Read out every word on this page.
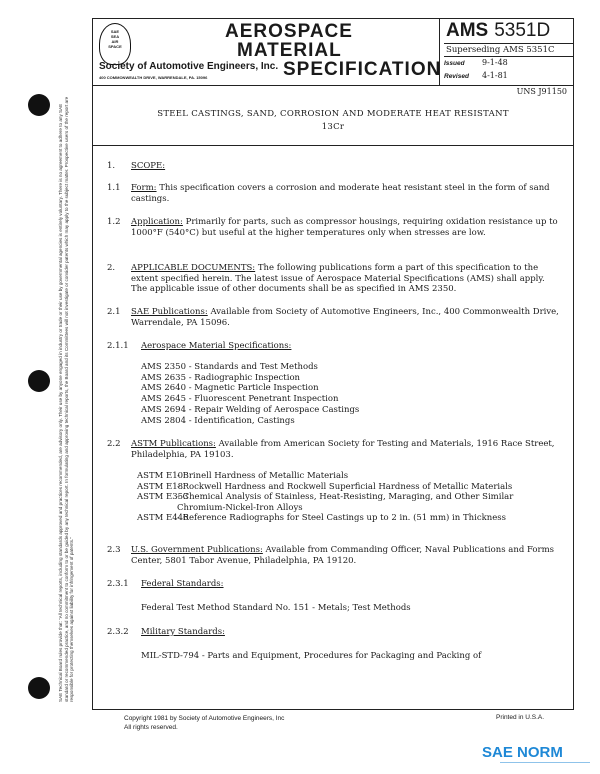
SAE Technical Board rules provide that: "All technical reports, including standards approved and practices recommended, are advisory only. Their use by anyone engaged in industry or trade or their use by governmental agencies is entirely voluntary. There is no agreement to adhere to any SAE standard or recommended practice, and no commitment to conform to or be guided by any technical report. In formulating and approving technical reports, the Board and its Committees will not investigate or consider patents which may apply to the subject matter. Prospective users of the report are responsible for protecting themselves against liability for infringement of patents."
SAE
SEA
AIR
SPACE
AEROSPACE
MATERIAL
SPECIFICATION
Society of Automotive Engineers, Inc.
400 COMMONWEALTH DRIVE, WARRENDALE, PA. 15096
AMS 5351D
Superseding AMS 5351C
Issued 9-1-48
Revised 4-1-81
UNS J91150
STEEL CASTINGS, SAND, CORROSION AND MODERATE HEAT RESISTANT
13Cr
1. SCOPE:
1.1 Form: This specification covers a corrosion and moderate heat resistant steel in the form of sand castings.
1.2 Application: Primarily for parts, such as compressor housings, requiring oxidation resistance up to 1000°F (540°C) but useful at the higher temperatures only when stresses are low.
2. APPLICABLE DOCUMENTS: The following publications form a part of this specification to the extent specified herein. The latest issue of Aerospace Material Specifications (AMS) shall apply. The applicable issue of other documents shall be as specified in AMS 2350.
2.1 SAE Publications: Available from Society of Automotive Engineers, Inc., 400 Commonwealth Drive, Warrendale, PA 15096.
2.1.1 Aerospace Material Specifications:
AMS 2350 - Standards and Test Methods
AMS 2635 - Radiographic Inspection
AMS 2640 - Magnetic Particle Inspection
AMS 2645 - Fluorescent Penetrant Inspection
AMS 2694 - Repair Welding of Aerospace Castings
AMS 2804 - Identification, Castings
2.2 ASTM Publications: Available from American Society for Testing and Materials, 1916 Race Street, Philadelphia, PA 19103.
ASTM E10
- Brinell Hardness of Metallic Materials
ASTM E18
- Rockwell Hardness and Rockwell Superficial Hardness of Metallic Materials
ASTM E353
- Chemical Analysis of Stainless, Heat-Resisting, Maraging, and Other Similar Chromium-Nickel-Iron Alloys
ASTM E446
- Reference Radiographs for Steel Castings up to 2 in. (51 mm) in Thickness
2.3 U.S. Government Publications: Available from Commanding Officer, Naval Publications and Forms Center, 5801 Tabor Avenue, Philadelphia, PA 19120.
2.3.1 Federal Standards:
Federal Test Method Standard No. 151 - Metals; Test Methods
2.3.2 Military Standards:
MIL-STD-794 - Parts and Equipment, Procedures for Packaging and Packing of
Copyright 1981 by Society of Automotive Engineers, Inc
All rights reserved.
Printed in U.S.A.
SAE NORM
